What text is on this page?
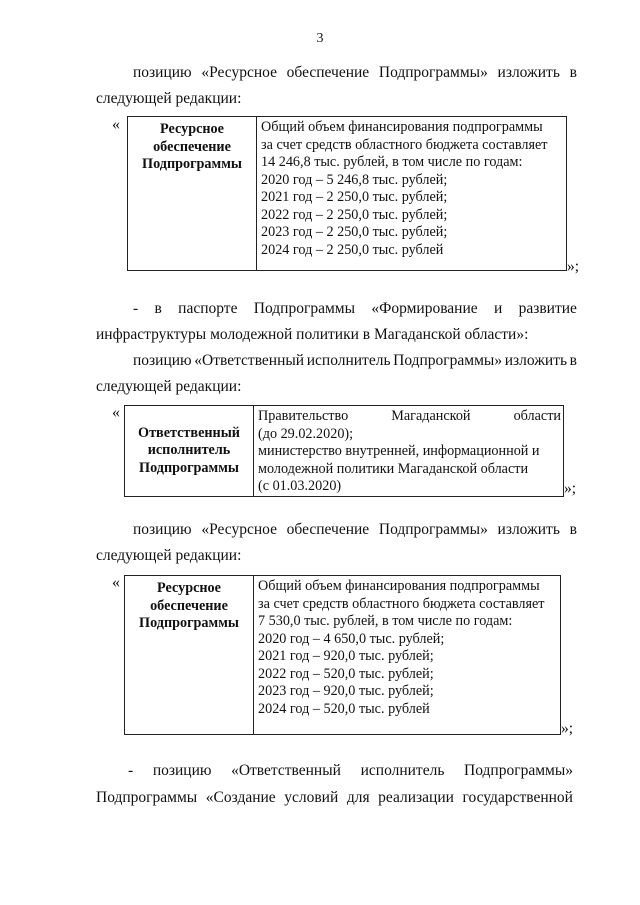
3
позицию «Ресурсное обеспечение Подпрограммы» изложить в
следующей редакции:
«	Ресурсное
обеспечение
Подпрограммы

Общий объем финансирования подпрограммы
за счет средств областного бюджета составляет
14 246,8 тыс. рублей, в том числе по годам:
2020 год – 5 246,8 тыс. рублей;
2021 год – 2 250,0 тыс. рублей;
2022 год – 2 250,0 тыс. рублей;
2023 год – 2 250,0 тыс. рублей;
2024 год – 2 250,0 тыс. рублей
»;
- в паспорте Подпрограммы «Формирование и развитие
инфраструктуры молодежной политики в Магаданской области»:
позицию «Ответственный исполнитель Подпрограммы» изложить в
следующей редакции:
«
Ответственный
исполнитель
Подпрограммы

Правительство	Магаданской	области
(до 29.02.2020);
министерство внутренней, информационной и
молодежной политики Магаданской области
(с 01.03.2020)	»;
позицию «Ресурсное обеспечение Подпрограммы» изложить в
следующей редакции:
«	Ресурсное
обеспечение
Подпрограммы

Общий объем финансирования подпрограммы
за счет средств областного бюджета составляет
7 530,0 тыс. рублей, в том числе по годам:
2020 год – 4 650,0 тыс. рублей;
2021 год – 920,0 тыс. рублей;
2022 год – 520,0 тыс. рублей;
2023 год – 920,0 тыс. рублей;
2024 год – 520,0 тыс. рублей
»;
- позицию «Ответственный исполнитель Подпрограммы»
Подпрограммы «Создание условий для реализации государственной
